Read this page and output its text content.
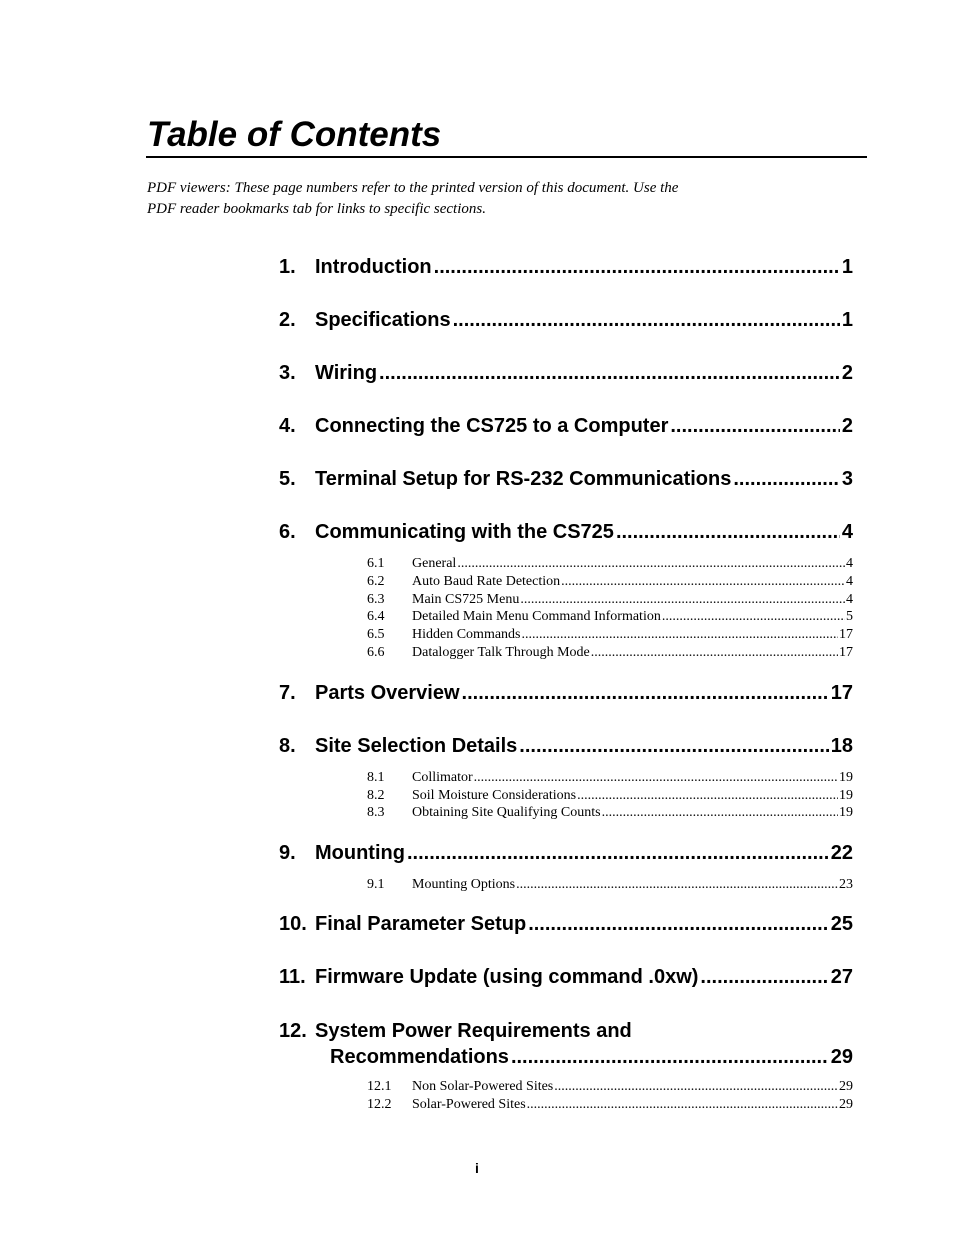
Table of Contents
PDF viewers: These page numbers refer to the printed version of this document. Use the
PDF reader bookmarks tab for links to specific sections.
1. Introduction .....	1
2. Specifications .....	1
3. Wiring .....	2
4. Connecting the CS725 to a Computer .....	2
5. Terminal Setup for RS-232 Communications .....	3
6. Communicating with the CS725 .....	4
6.1	General .....	4
6.2	Auto Baud Rate Detection .....	4
6.3	Main CS725 Menu .....	4
6.4	Detailed Main Menu Command Information .....	5
6.5	Hidden Commands .....	17
6.6	Datalogger Talk Through Mode .....	17
7. Parts Overview .....	17
8. Site Selection Details .....	18
8.1	Collimator .....	19
8.2	Soil Moisture Considerations .....	19
8.3	Obtaining Site Qualifying Counts .....	19
9. Mounting .....	22
9.1	Mounting Options .....	23
10. Final Parameter Setup .....	25
11. Firmware Update (using command .0xw) .....	27
12. System Power Requirements and
Recommendations .....	29
12.1	Non Solar-Powered Sites .....	29
12.2	Solar-Powered Sites .....	29
i
